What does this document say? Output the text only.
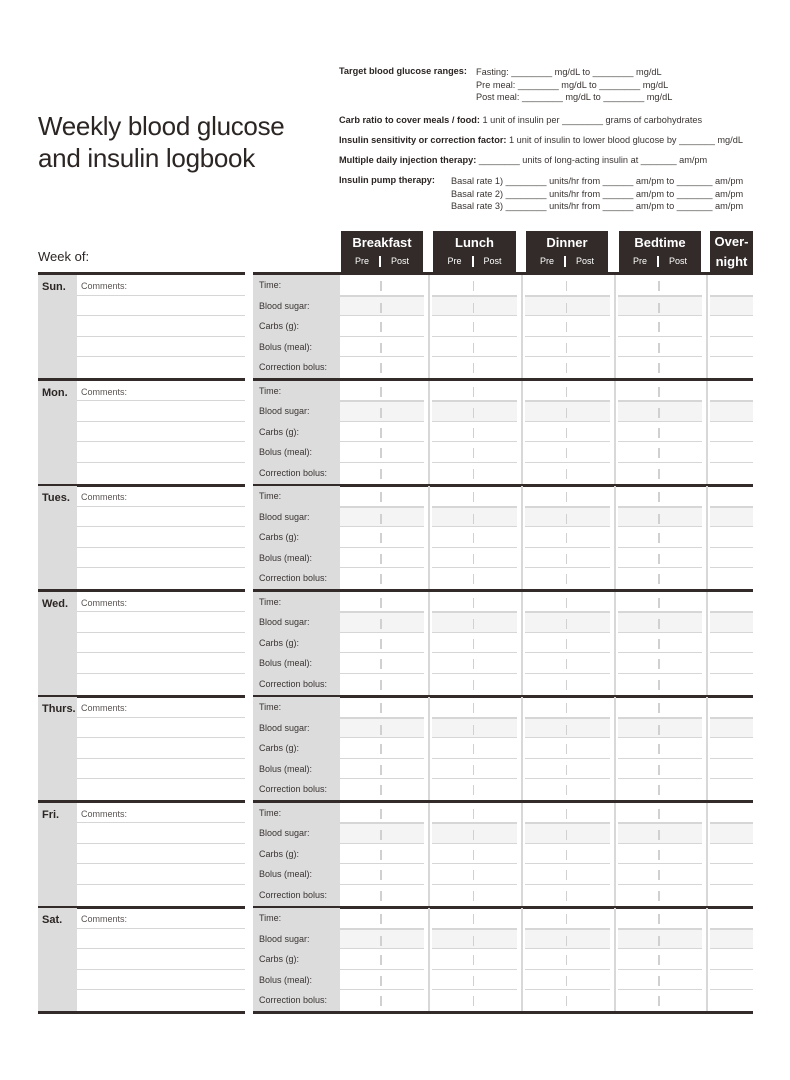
Weekly blood glucose
and insulin logbook
Target blood glucose ranges: Fasting: ________ mg/dL to ________ mg/dL
Pre meal: ________ mg/dL to ________ mg/dL
Post meal: ________ mg/dL to ________ mg/dL
Carb ratio to cover meals / food: 1 unit of insulin per ________ grams of carbohydrates
Insulin sensitivity or correction factor: 1 unit of insulin to lower blood glucose by _______ mg/dL
Multiple daily injection therapy: ________ units of long-acting insulin at _______ am/pm
Insulin pump therapy:	Basal rate 1) ________ units/hr from ______ am/pm to _______ am/pm
Basal rate 2) ________ units/hr from ______ am/pm to _______ am/pm
Basal rate 3) ________ units/hr from ______ am/pm to _______ am/pm
Week of:
Breakfast
Pre Post
Lunch
Pre Post
Dinner
Pre Post
Bedtime
Pre Post
Over-
night
Sun.	Comments:	Time:
Blood sugar:
Carbs (g):
Bolus (meal):
Correction bolus:
Mon.	Comments:	Time:
Blood sugar:
Carbs (g):
Bolus (meal):
Correction bolus:
Tues.	Comments:	Time:
Blood sugar:
Carbs (g):
Bolus (meal):
Correction bolus:
Wed.	Comments:	Time:
Blood sugar:
Carbs (g):
Bolus (meal):
Correction bolus:
Thurs. Comments:	Time:
Blood sugar:
Carbs (g):
Bolus (meal):
Correction bolus:
Fri.	Comments:	Time:
Blood sugar:
Carbs (g):
Bolus (meal):
Correction bolus:
Sat.	Comments:	Time:
Blood sugar:
Carbs (g):
Bolus (meal):
Correction bolus:
